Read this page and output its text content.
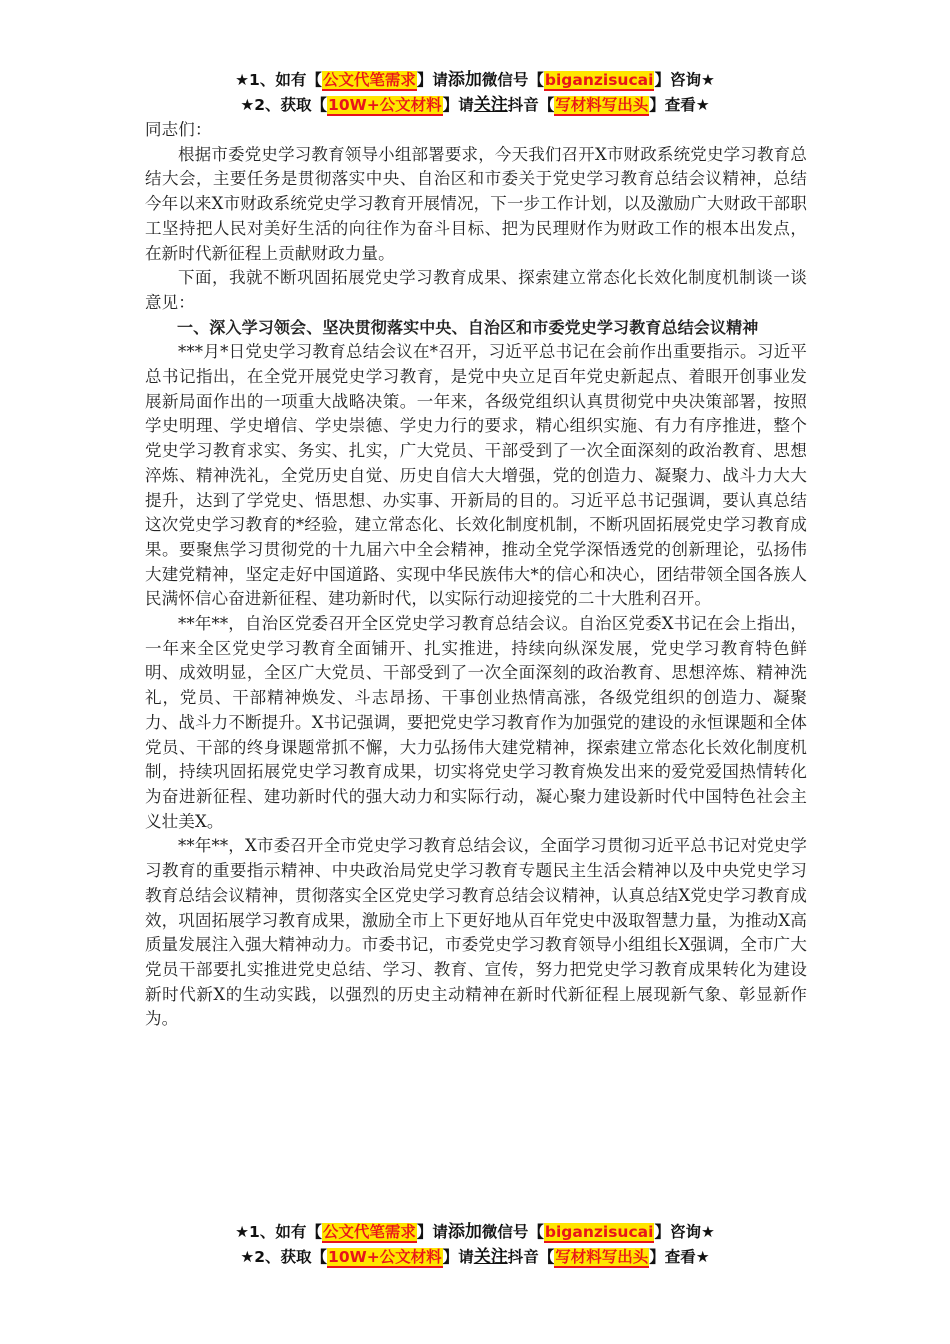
★1、如有【公文代笔需求】请添加微信号【biganzisucai】咨询★
★2、获取【10W+公文材料】请关注抖音【写材料写出头】查看★

同志们：

根据市委党史学习教育领导小组部署要求，今天我们召开X市财政系统党史学习教育总结大会，主要任务是贯彻落实中央、自治区和市委关于党史学习教育总结会议精神，总结今年以来X市财政系统党史学习教育开展情况，下一步工作计划，以及激励广大财政干部职工坚持把人民对美好生活的向往作为奋斗目标、把为民理财作为财政工作的根本出发点，在新时代新征程上贡献财政力量。

下面，我就不断巩固拓展党史学习教育成果、探索建立常态化长效化制度机制谈一谈意见：

一、深入学习领会、坚决贯彻落实中央、自治区和市委党史学习教育总结会议精神

***月*日党史学习教育总结会议在*召开，习近平总书记在会前作出重要指示。习近平总书记指出，在全党开展党史学习教育，是党中央立足百年党史新起点、着眼开创事业发展新局面作出的一项重大战略决策。一年来，各级党组织认真贯彻党中央决策部署，按照学史明理、学史增信、学史崇德、学史力行的要求，精心组织实施、有力有序推进，整个党史学习教育求实、务实、扎实，广大党员、干部受到了一次全面深刻的政治教育、思想淬炼、精神洗礼，全党历史自觉、历史自信大大增强，党的创造力、凝聚力、战斗力大大提升，达到了学党史、悟思想、办实事、开新局的目的。习近平总书记强调，要认真总结这次党史学习教育的*经验，建立常态化、长效化制度机制，不断巩固拓展党史学习教育成果。要聚焦学习贯彻党的十九届六中全会精神，推动全党学深悟透党的创新理论，弘扬伟大建党精神，坚定走好中国道路、实现中华民族伟大*的信心和决心，团结带领全国各族人民满怀信心奋进新征程、建功新时代，以实际行动迎接党的二十大胜利召开。

**年**，自治区党委召开全区党史学习教育总结会议。自治区党委X书记在会上指出，一年来全区党史学习教育全面铺开、扎实推进，持续向纵深发展，党史学习教育特色鲜明、成效明显，全区广大党员、干部受到了一次全面深刻的政治教育、思想淬炼、精神洗礼，党员、干部精神焕发、斗志昂扬、干事创业热情高涨，各级党组织的创造力、凝聚力、战斗力不断提升。X书记强调，要把党史学习教育作为加强党的建设的永恒课题和全体党员、干部的终身课题常抓不懈，大力弘扬伟大建党精神，探索建立常态化长效化制度机制，持续巩固拓展党史学习教育成果，切实将党史学习教育焕发出来的爱党爱国热情转化为奋进新征程、建功新时代的强大动力和实际行动，凝心聚力建设新时代中国特色社会主义壮美X。

**年**，X市委召开全市党史学习教育总结会议，全面学习贯彻习近平总书记对党史学习教育的重要指示精神、中央政治局党史学习教育专题民主生活会精神以及中央党史学习教育总结会议精神，贯彻落实全区党史学习教育总结会议精神，认真总结X党史学习教育成效，巩固拓展学习教育成果，激励全市上下更好地从百年党史中汲取智慧力量，为推动X高质量发展注入强大精神动力。市委书记，市委党史学习教育领导小组组长X强调，全市广大党员干部要扎实推进党史总结、学习、教育、宣传，努力把党史学习教育成果转化为建设新时代新X的生动实践，以强烈的历史主动精神在新时代新征程上展现新气象、彰显新作为。

★1、如有【公文代笔需求】请添加微信号【biganzisucai】咨询★
★2、获取【10W+公文材料】请关注抖音【写材料写出头】查看★
